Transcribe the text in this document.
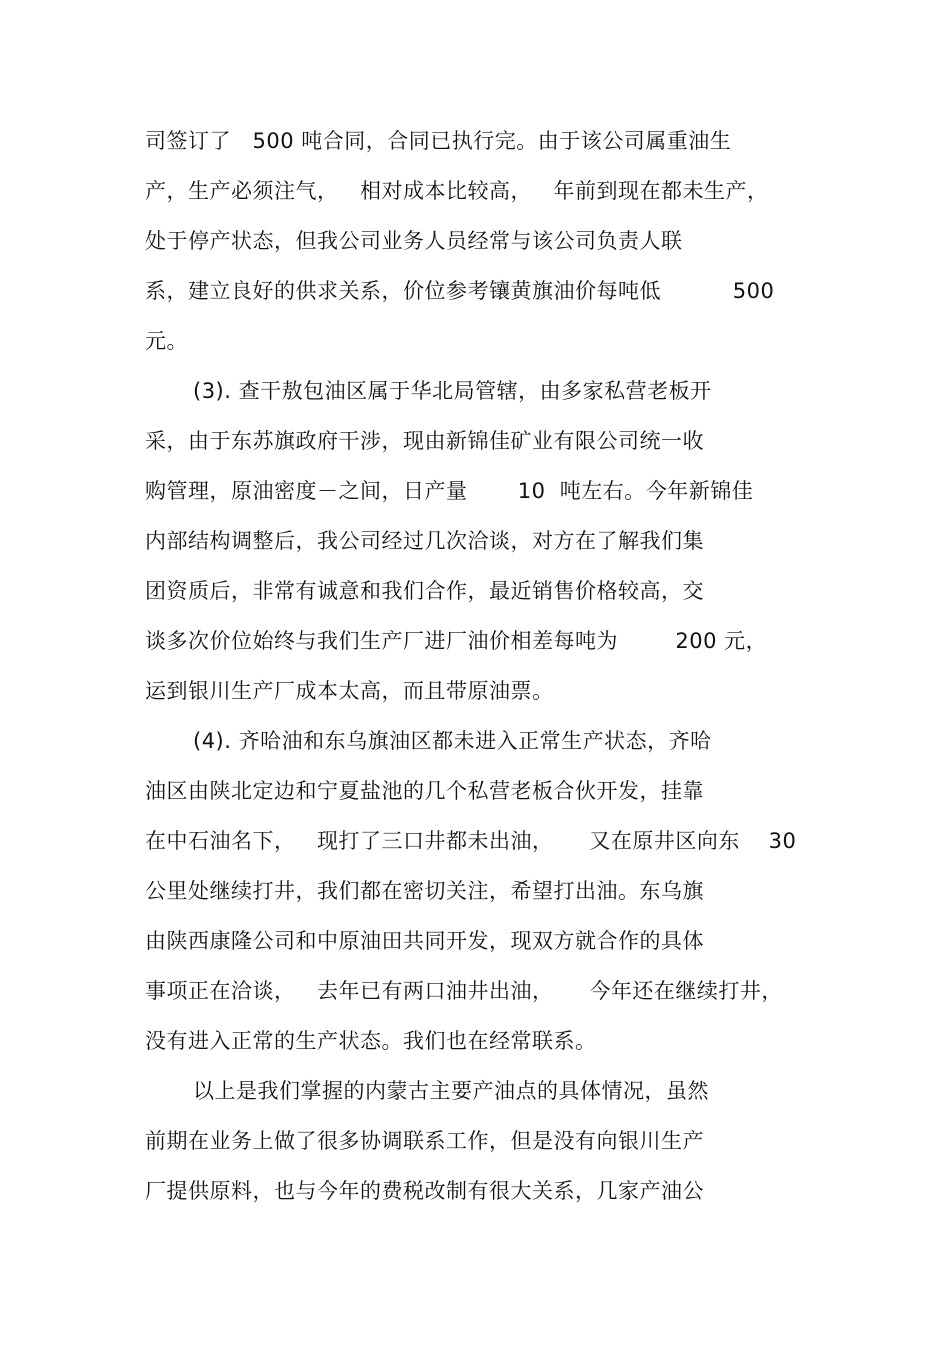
司签订了   500 吨合同，合同已执行完。由于该公司属重油生
产，生产必须注气，   相对成本比较高，   年前到现在都未生产，
处于停产状态，但我公司业务人员经常与该公司负责人联
系，建立良好的供求关系，价位参考镶黄旗油价每吨低          500
元。
(3). 查干敖包油区属于华北局管辖，由多家私营老板开
采，由于东苏旗政府干涉，现由新锦佳矿业有限公司统一收
购管理，原油密度－之间，日产量       10  吨左右。今年新锦佳
内部结构调整后，我公司经过几次洽谈，对方在了解我们集
团资质后，非常有诚意和我们合作，最近销售价格较高，交
谈多次价位始终与我们生产厂进厂油价相差每吨为        200 元，
运到银川生产厂成本太高，而且带原油票。
(4). 齐哈油和东乌旗油区都未进入正常生产状态，齐哈
油区由陕北定边和宁夏盐池的几个私营老板合伙开发，挂靠
在中石油名下，   现打了三口井都未出油，     又在原井区向东    30
公里处继续打井，我们都在密切关注，希望打出油。东乌旗
由陕西康隆公司和中原油田共同开发，现双方就合作的具体
事项正在洽谈，   去年已有两口油井出油，     今年还在继续打井，
没有进入正常的生产状态。我们也在经常联系。
以上是我们掌握的内蒙古主要产油点的具体情况，虽然
前期在业务上做了很多协调联系工作，但是没有向银川生产
厂提供原料，也与今年的费税改制有很大关系，几家产油公
